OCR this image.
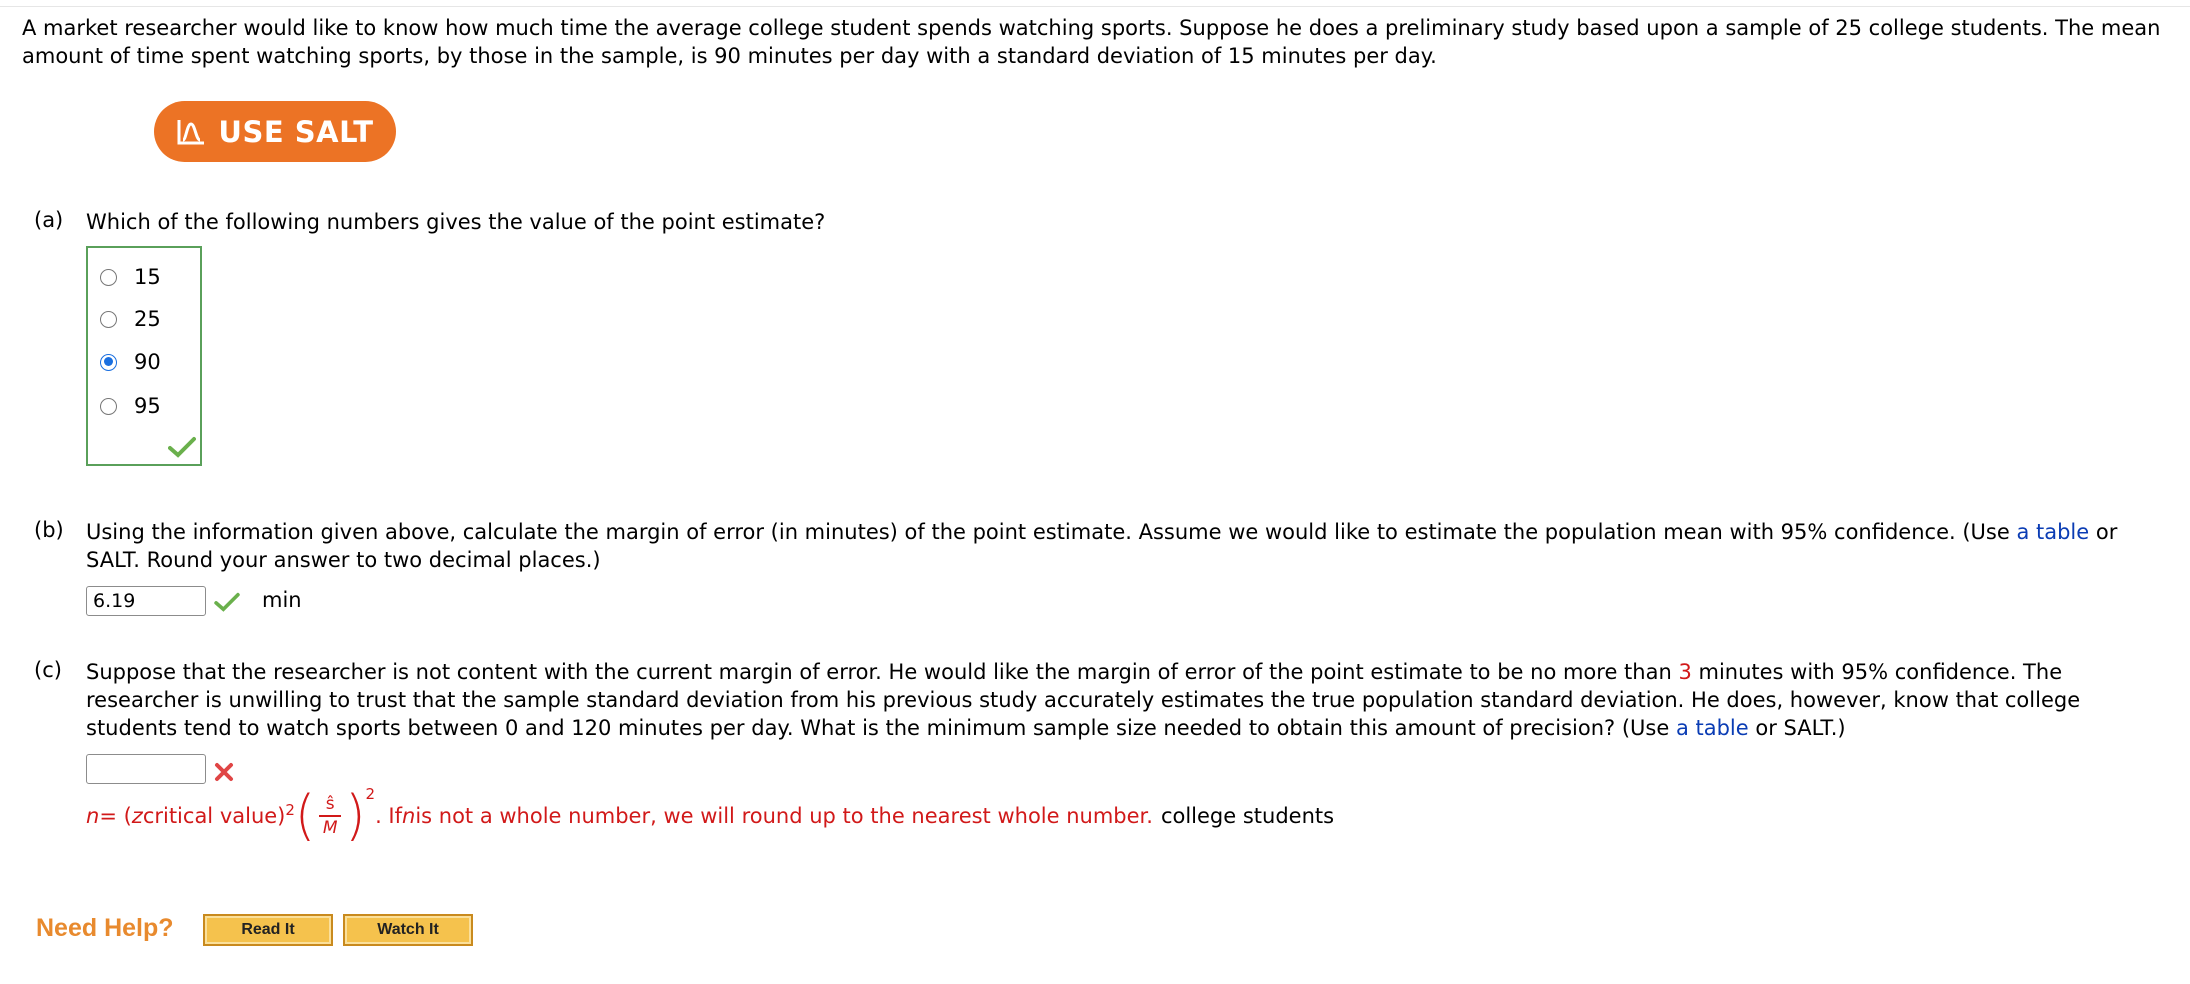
A market researcher would like to know how much time the average college student spends watching sports. Suppose he does a preliminary study based upon a sample of 25 college students. The mean amount of time spent watching sports, by those in the sample, is 90 minutes per day with a standard deviation of 15 minutes per day.
USE SALT
(a) Which of the following numbers gives the value of the point estimate?
15
25
90
95
(b) Using the information given above, calculate the margin of error (in minutes) of the point estimate. Assume we would like to estimate the population mean with 95% confidence. (Use a table or SALT. Round your answer to two decimal places.)
6.19
min
(c) Suppose that the researcher is not content with the current margin of error. He would like the margin of error of the point estimate to be no more than 3 minutes with 95% confidence. The researcher is unwilling to trust that the sample standard deviation from his previous study accurately estimates the true population standard deviation. He does, however, know that college students tend to watch sports between 0 and 120 minutes per day. What is the minimum sample size needed to obtain this amount of precision? (Use a table or SALT.)
n = ( z critical value)$^2$ ( $\frac{ŝ}{M} )^2$
. If n is not a whole number, we will round up to the nearest whole number. college students
Need Help?	Read It	Watch It
